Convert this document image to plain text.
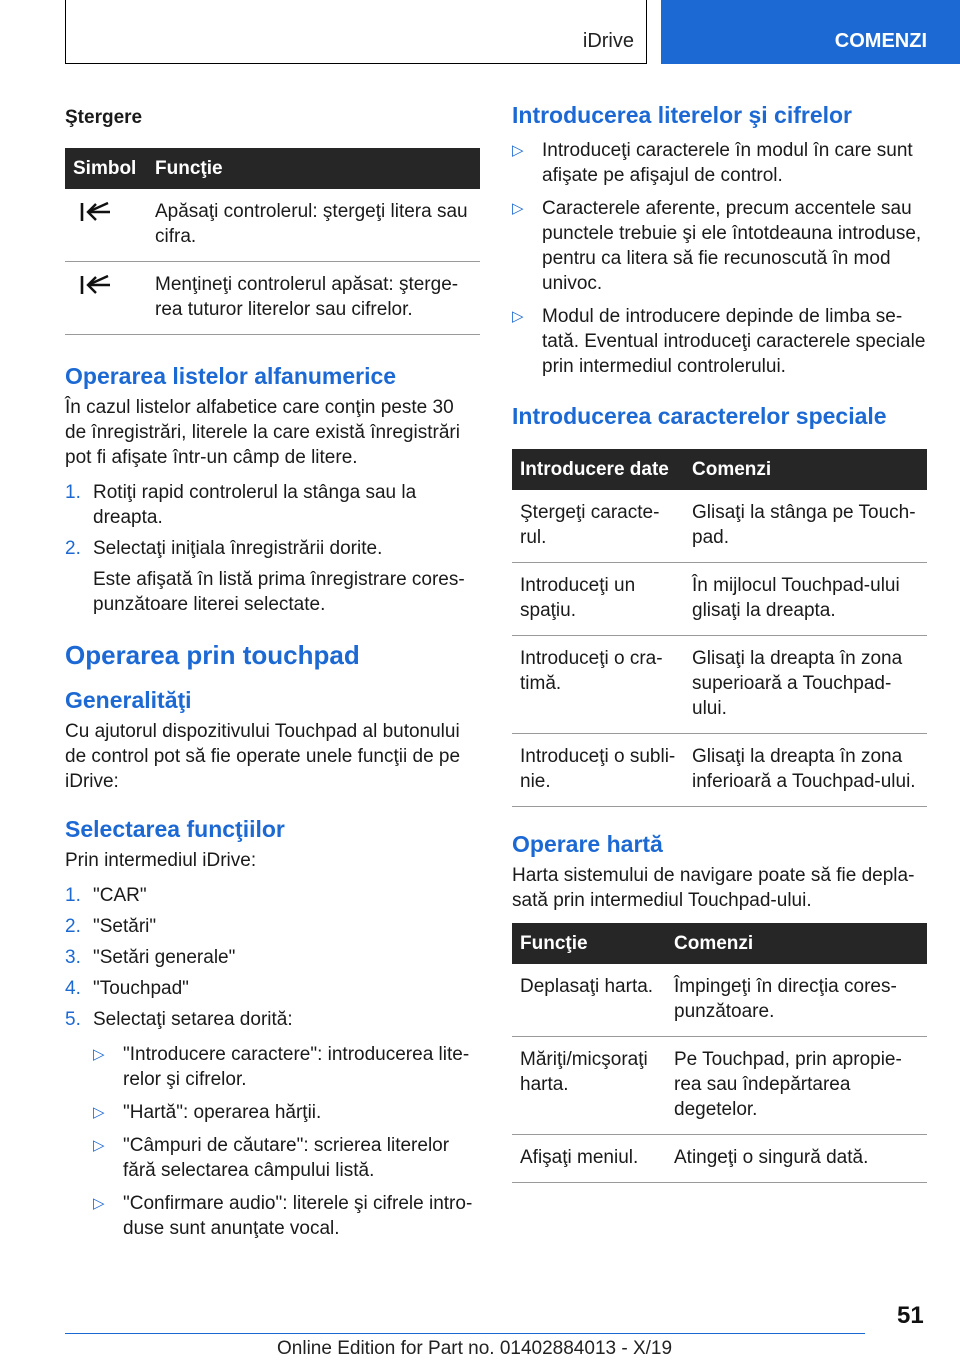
iDrive	COMENZI

Ştergere

Simbol	Funcţie

	Apăsaţi controlerul: ştergeţi litera sau cifra.

	Menţineţi controlerul apăsat: ştergerea tuturor literelor sau cifrelor.

Operarea listelor alfanumerice

În cazul listelor alfabetice care conţin peste 30 de înregistrări, literele la care există înregistrări pot fi afişate într-un câmp de litere.

1. Rotiţi rapid controlerul la stânga sau la dreapta.
2. Selectaţi iniţiala înregistrării dorite.

Este afişată în listă prima înregistrare corespunzătoare literei selectate.

Operarea prin touchpad

Generalităţi

Cu ajutorul dispozitivului Touchpad al butonului de control pot să fie operate unele funcţii de pe iDrive:

Selectarea funcţiilor

Prin intermediul iDrive:

1. "CAR"
2. "Setări"
3. "Setări generale"
4. "Touchpad"
5. Selectaţi setarea dorită:
▷ "Introducere caractere": introducerea literelor şi cifrelor.
▷ "Hartă": operarea hărţii.
▷ "Câmpuri de căutare": scrierea literelor fără selectarea câmpului listă.
▷ "Confirmare audio": literele şi cifrele introduse sunt anunţate vocal.

Introducerea literelor şi cifrelor

▷ Introduceţi caracterele în modul în care sunt afişate pe afişajul de control.
▷ Caracterele aferente, precum accentele sau punctele trebuie şi ele întotdeauna introduse, pentru ca litera să fie recunoscută în mod univoc.
▷ Modul de introducere depinde de limba setată. Eventual introduceţi caracterele speciale prin intermediul controlerului.

Introducerea caracterelor speciale

Introducere date	Comenzi
Ştergeţi caracterul.	Glisaţi la stânga pe Touchpad.
Introduceţi un spaţiu.	În mijlocul Touchpad-ului glisaţi la dreapta.
Introduceţi o cratimă.	Glisaţi la dreapta în zona superioară a Touchpad-ului.
Introduceţi o sublinie.	Glisaţi la dreapta în zona inferioară a Touchpad-ului.

Operare hartă

Harta sistemului de navigare poate să fie deplasată prin intermediul Touchpad-ului.

Funcţie	Comenzi
Deplasaţi harta.	Împingeţi în direcţia corespunzătoare.
Măriţi/micşoraţi harta.	Pe Touchpad, prin apropierea sau îndepărtarea degetelor.
Afişaţi meniul.	Atingeţi o singură dată.
51
Online Edition for Part no. 01402884013 - X/19
